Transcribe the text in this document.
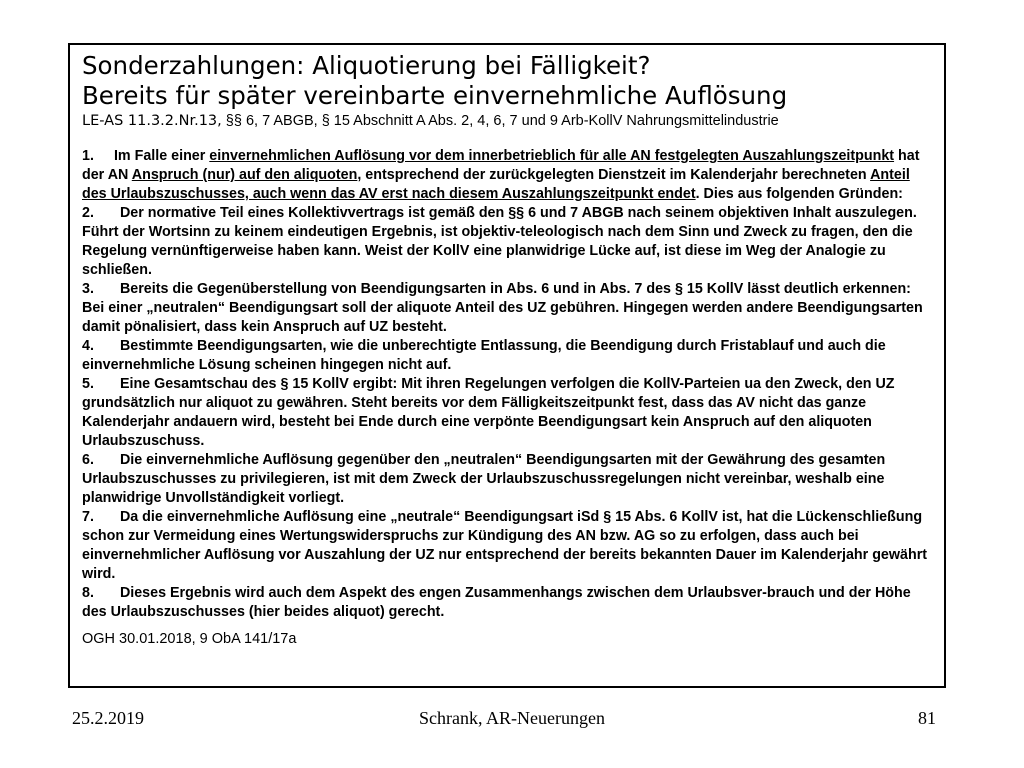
Sonderzahlungen: Aliquotierung bei Fälligkeit?
Bereits für später vereinbarte einvernehmliche Auflösung
LE-AS 11.3.2.Nr.13, §§ 6, 7 ABGB, § 15 Abschnitt A Abs. 2, 4, 6, 7 und 9 Arb-KollV Nahrungsmittelindustrie
1. Im Falle einer einvernehmlichen Auflösung vor dem innerbetrieblich für alle AN festgelegten Auszahlungszeitpunkt hat der AN Anspruch (nur) auf den aliquoten, entsprechend der zurückgelegten Dienstzeit im Kalenderjahr berechneten Anteil des Urlaubszuschusses, auch wenn das AV erst nach diesem Auszahlungszeitpunkt endet. Dies aus folgenden Gründen:
2. Der normative Teil eines Kollektivvertrags ist gemäß den §§ 6 und 7 ABGB nach seinem objektiven Inhalt auszulegen. Führt der Wortsinn zu keinem eindeutigen Ergebnis, ist objektiv-teleologisch nach dem Sinn und Zweck zu fragen, den die Regelung vernünftigerweise haben kann. Weist der KollV eine planwidrige Lücke auf, ist diese im Weg der Analogie zu schließen.
3. Bereits die Gegenüberstellung von Beendigungsarten in Abs. 6 und in Abs. 7 des § 15 KollV lässt deutlich erkennen: Bei einer „neutralen“ Beendigungsart soll der aliquote Anteil des UZ gebühren. Hingegen werden andere Beendigungsarten damit pönalisiert, dass kein Anspruch auf UZ besteht.
4. Bestimmte Beendigungsarten, wie die unberechtigte Entlassung, die Beendigung durch Fristablauf und auch die einvernehmliche Lösung scheinen hingegen nicht auf.
5. Eine Gesamtschau des § 15 KollV ergibt: Mit ihren Regelungen verfolgen die KollV-Parteien ua den Zweck, den UZ grundsätzlich nur aliquot zu gewähren. Steht bereits vor dem Fälligkeitszeitpunkt fest, dass das AV nicht das ganze Kalenderjahr andauern wird, besteht bei Ende durch eine verpönte Beendigungsart kein Anspruch auf den aliquoten Urlaubszuschuss.
6. Die einvernehmliche Auflösung gegenüber den „neutralen“ Beendigungsarten mit der Gewährung des gesamten Urlaubszuschusses zu privilegieren, ist mit dem Zweck der Urlaubszuschussregelungen nicht vereinbar, weshalb eine planwidrige Unvollständigkeit vorliegt.
7. Da die einvernehmliche Auflösung eine „neutrale“ Beendigungsart iSd § 15 Abs. 6 KollV ist, hat die Lückenschließung schon zur Vermeidung eines Wertungswiderspruchs zur Kündigung des AN bzw. AG so zu erfolgen, dass auch bei einvernehmlicher Auflösung vor Auszahlung der UZ nur entsprechend der bereits bekannten Dauer im Kalenderjahr gewährt wird.
8. Dieses Ergebnis wird auch dem Aspekt des engen Zusammenhangs zwischen dem Urlaubsver-brauch und der Höhe des Urlaubszuschusses (hier beides aliquot) gerecht.
OGH 30.01.2018, 9 ObA 141/17a
25.2.2019	Schrank, AR-Neuerungen	81
